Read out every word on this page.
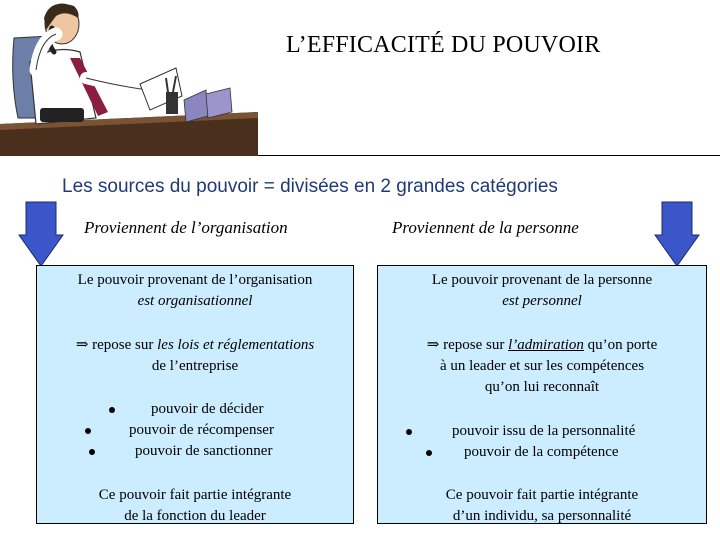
L’EFFICACITÉ DU POUVOIR
Les sources du pouvoir = divisées en 2 grandes catégories
Proviennent de l’organisation	Proviennent de la personne
Le pouvoir provenant de l’organisation
est organisationnel
⇒ repose sur les lois et réglementations
de l’entreprise
pouvoir de décider
pouvoir de récompenser
pouvoir de sanctionner
Ce pouvoir fait partie intégrante
de la fonction du leader
Le pouvoir provenant de la personne
est personnel
⇒ repose sur l’admiration qu’on porte
à un leader et sur les compétences
qu’on lui reconnaît
pouvoir issu de la personnalité
pouvoir de la compétence
Ce pouvoir fait partie intégrante
d’un individu, sa personnalité
